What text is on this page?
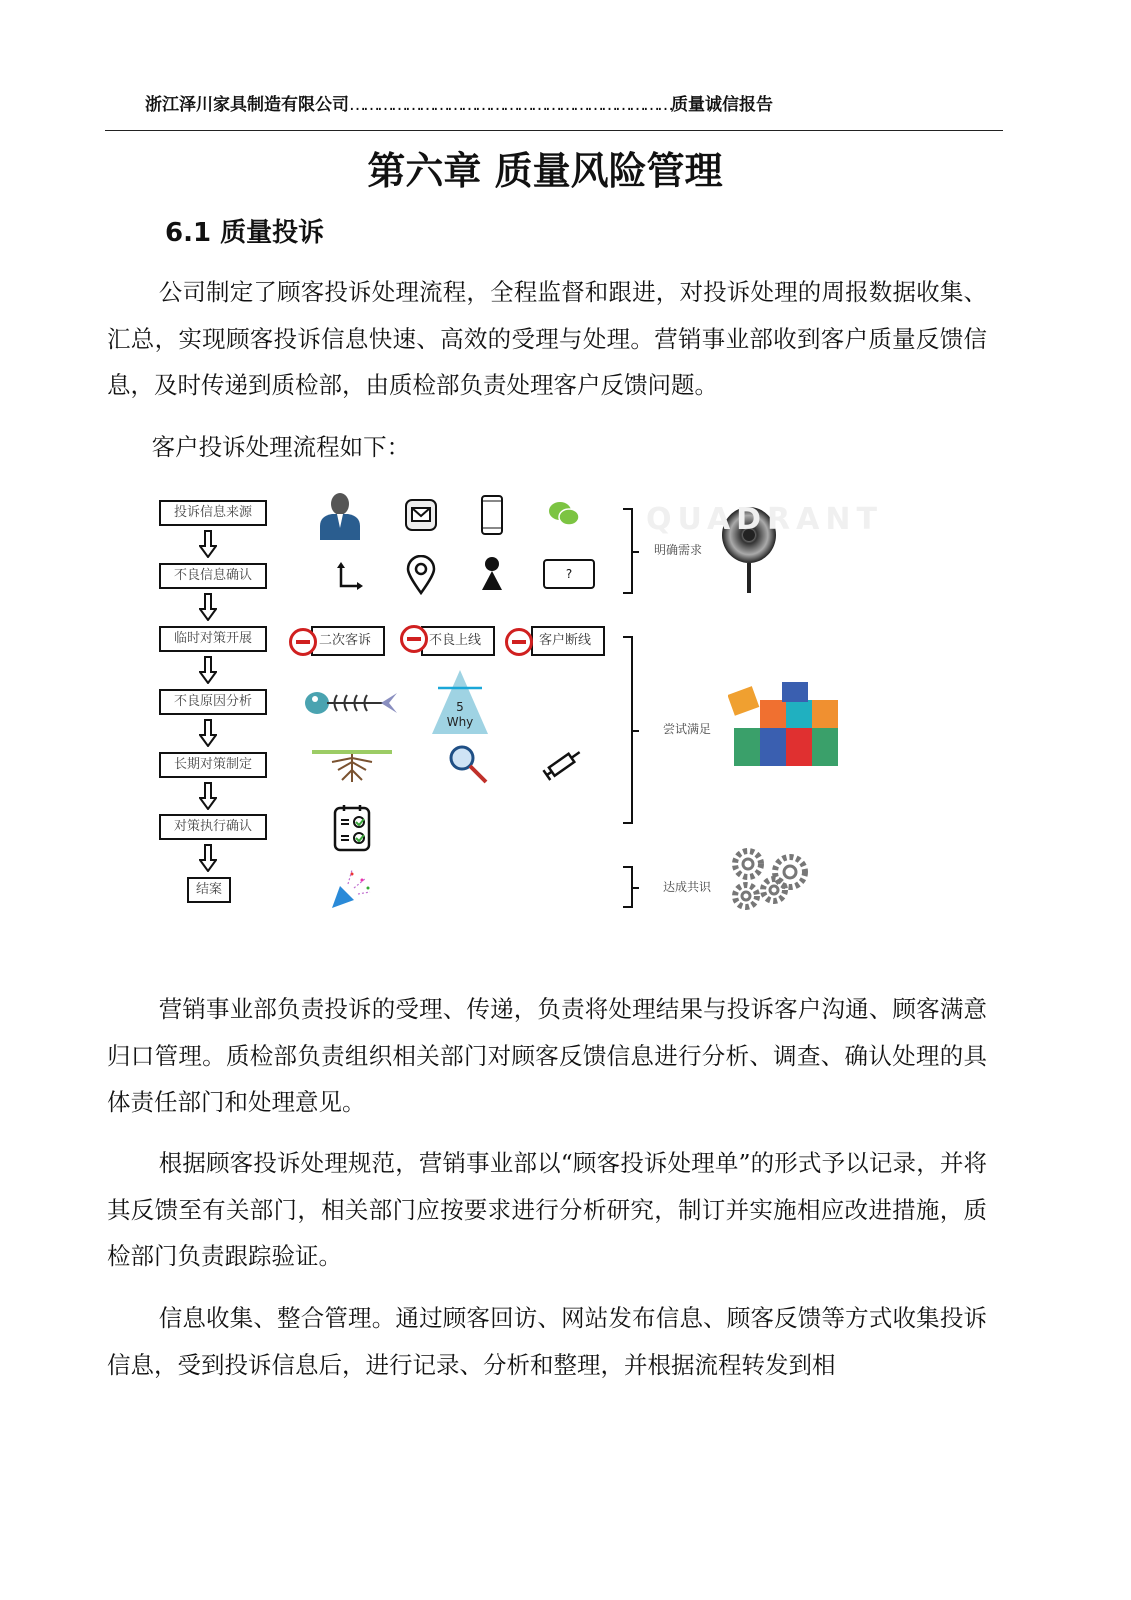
浙江泽川家具制造有限公司……………………………………………………………质量诚信报告
第六章 质量风险管理
6.1 质量投诉
公司制定了顾客投诉处理流程，全程监督和跟进，对投诉处理的周报数据收集、汇总，实现顾客投诉信息快速、高效的受理与处理。营销事业部收到客户质量反馈信息，及时传递到质检部，由质检部负责处理客户反馈问题。
客户投诉处理流程如下：
投诉信息来源
不良信息确认
临时对策开展
不良原因分析
长期对策制定
对策执行确认
结案
?
二次客诉	不良上线	客户断线
5
Why
明确需求
QUADRANT
尝试满足
达成共识
营销事业部负责投诉的受理、传递，负责将处理结果与投诉客户沟通、顾客满意归口管理。质检部负责组织相关部门对顾客反馈信息进行分析、调查、确认处理的具体责任部门和处理意见。
根据顾客投诉处理规范，营销事业部以“顾客投诉处理单”的形式予以记录，并将其反馈至有关部门，相关部门应按要求进行分析研究，制订并实施相应改进措施，质检部门负责跟踪验证。
信息收集、整合管理。通过顾客回访、网站发布信息、顾客反馈等方式收集投诉信息，受到投诉信息后，进行记录、分析和整理，并根据流程转发到相
